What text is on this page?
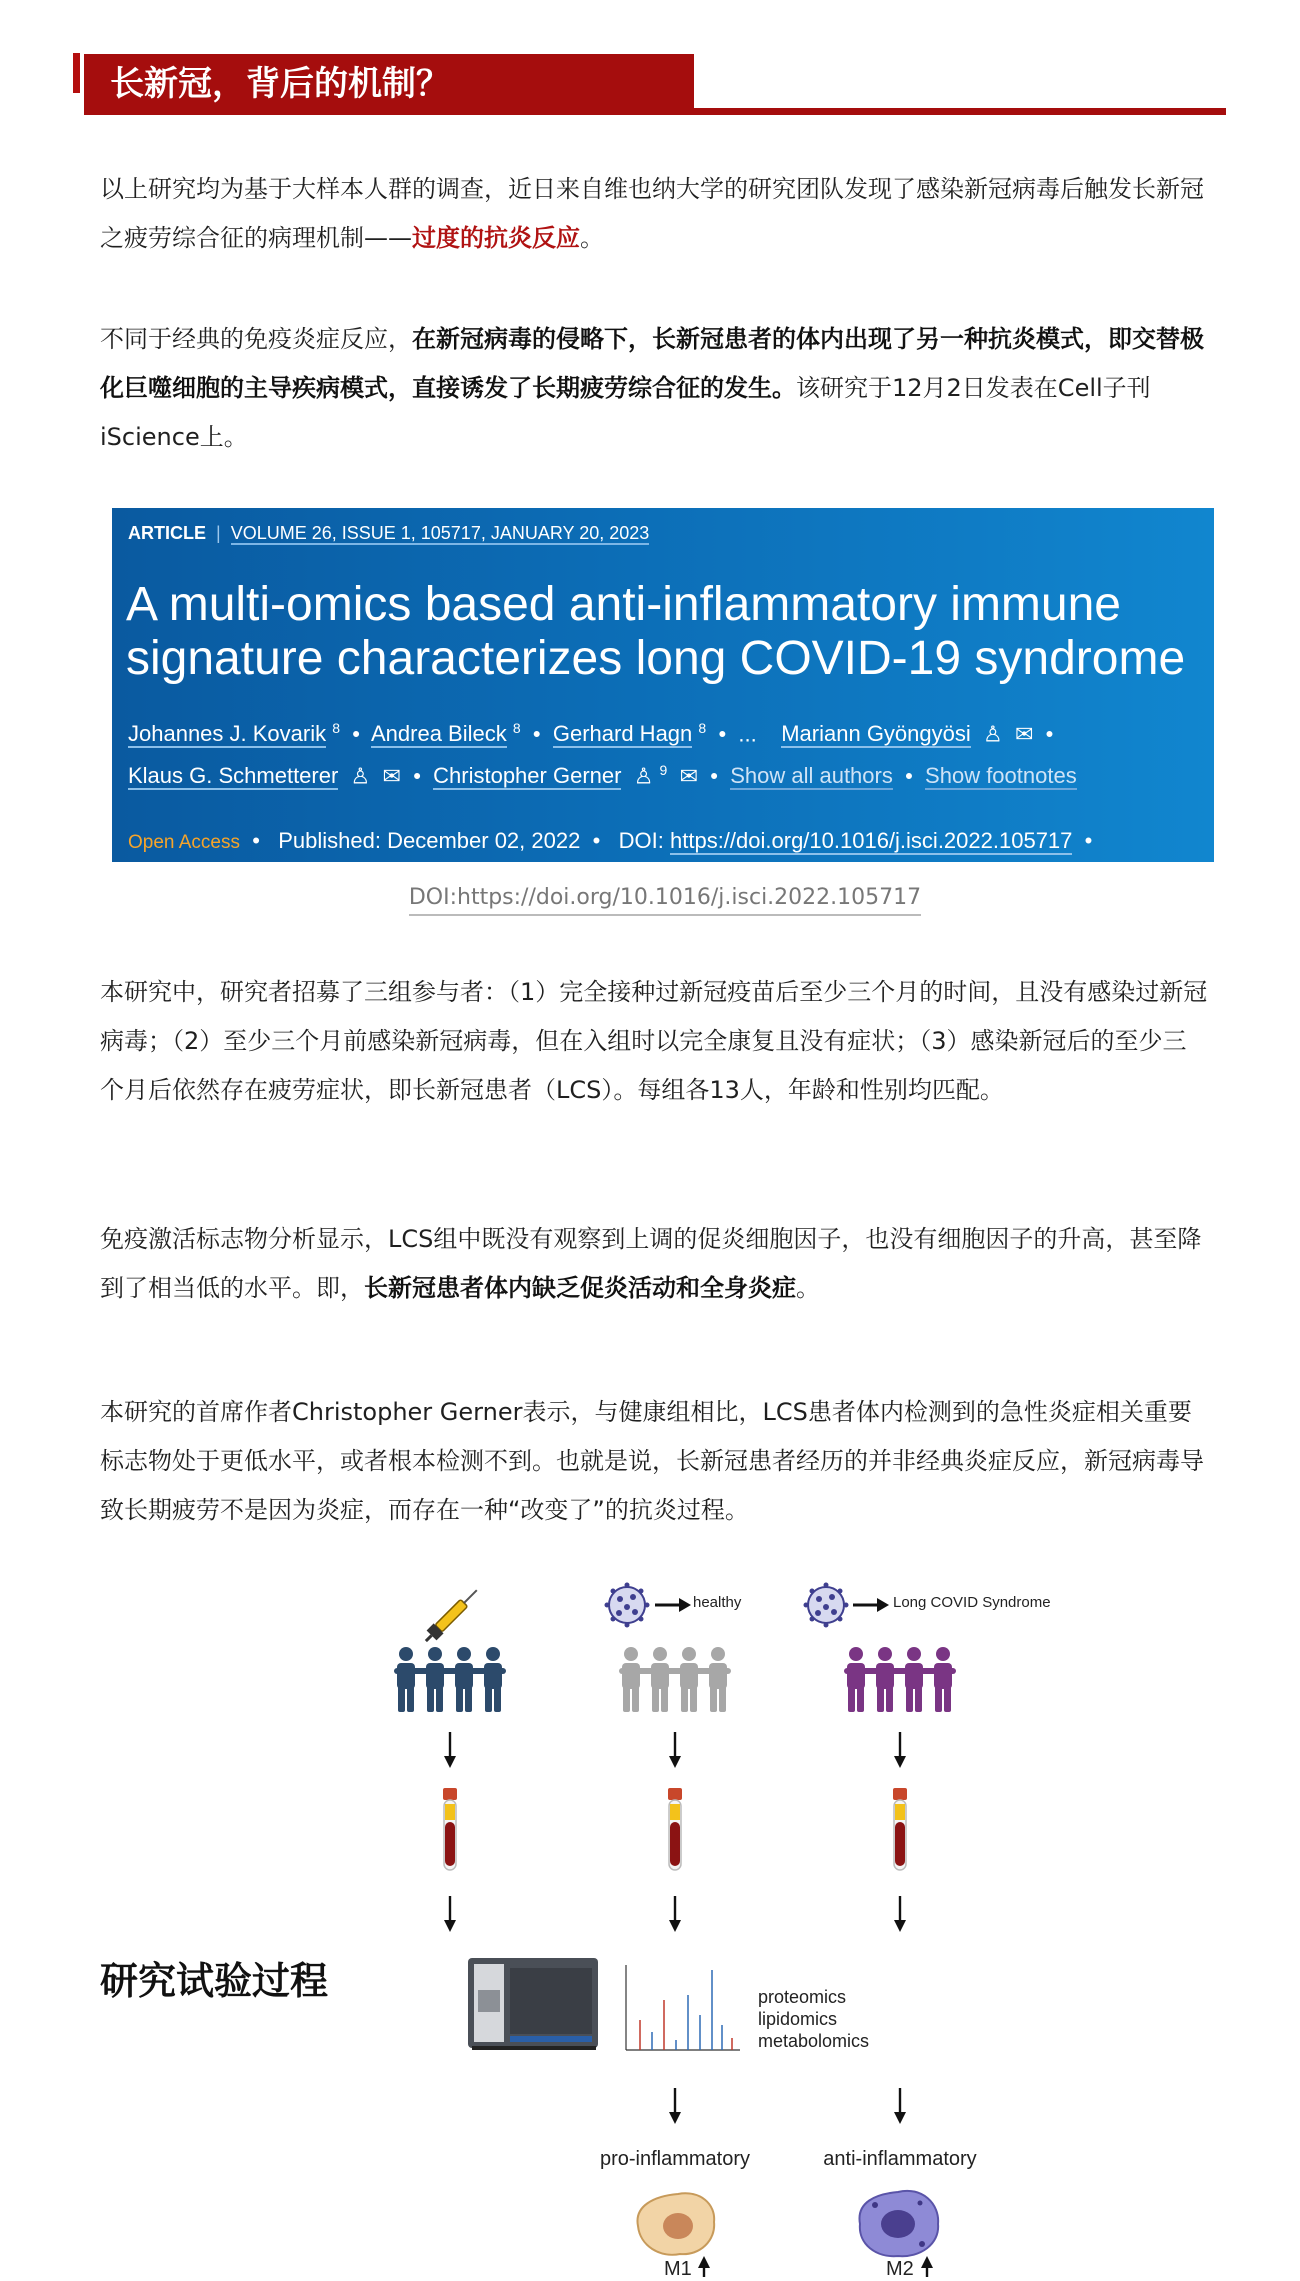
长新冠，背后的机制？
以上研究均为基于大样本人群的调查，近日来自维也纳大学的研究团队发现了感染新冠病毒后触发长新冠之疲劳综合征的病理机制——过度的抗炎反应。
不同于经典的免疫炎症反应，在新冠病毒的侵略下，长新冠患者的体内出现了另一种抗炎模式，即交替极化巨噬细胞的主导疾病模式，直接诱发了长期疲劳综合征的发生。该研究于12月2日发表在Cell子刊iScience上。
ARTICLE  |  VOLUME 26, ISSUE 1, 105717, JANUARY 20, 2023
A multi-omics based anti-inflammatory immune signature characterizes long COVID-19 syndrome
Johannes J. Kovarik $^8$  •  Andrea Bileck $^8$  •  Gerhard Hagn $^8$  •  ... Mariann Gyöngyösi  ♙  ✉  •
Klaus G. Schmetterer  ♙  ✉  •  Christopher Gerner  ♙ $^9$  ✉  •  Show all authors  •  Show footnotes
Open Access  •   Published: December 02, 2022  •   DOI: https://doi.org/10.1016/j.isci.2022.105717  •
DOI:https://doi.org/10.1016/j.isci.2022.105717
本研究中，研究者招募了三组参与者：（1）完全接种过新冠疫苗后至少三个月的时间，且没有感染过新冠病毒；（2）至少三个月前感染新冠病毒，但在入组时以完全康复且没有症状；（3）感染新冠后的至少三个月后依然存在疲劳症状，即长新冠患者（LCS）。每组各13人，年龄和性别均匹配。
免疫激活标志物分析显示，LCS组中既没有观察到上调的促炎细胞因子，也没有细胞因子的升高，甚至降到了相当低的水平。即，长新冠患者体内缺乏促炎活动和全身炎症。
本研究的首席作者Christopher Gerner表示，与健康组相比，LCS患者体内检测到的急性炎症相关重要标志物处于更低水平，或者根本检测不到。也就是说，长新冠患者经历的并非经典炎症反应，新冠病毒导致长期疲劳不是因为炎症，而存在一种“改变了”的抗炎过程。
healthy	Long COVID Syndrome
研究试验过程	proteomics
lipidomics
metabolomics
pro-inflammatory	anti-inflammatory
M1	M2
